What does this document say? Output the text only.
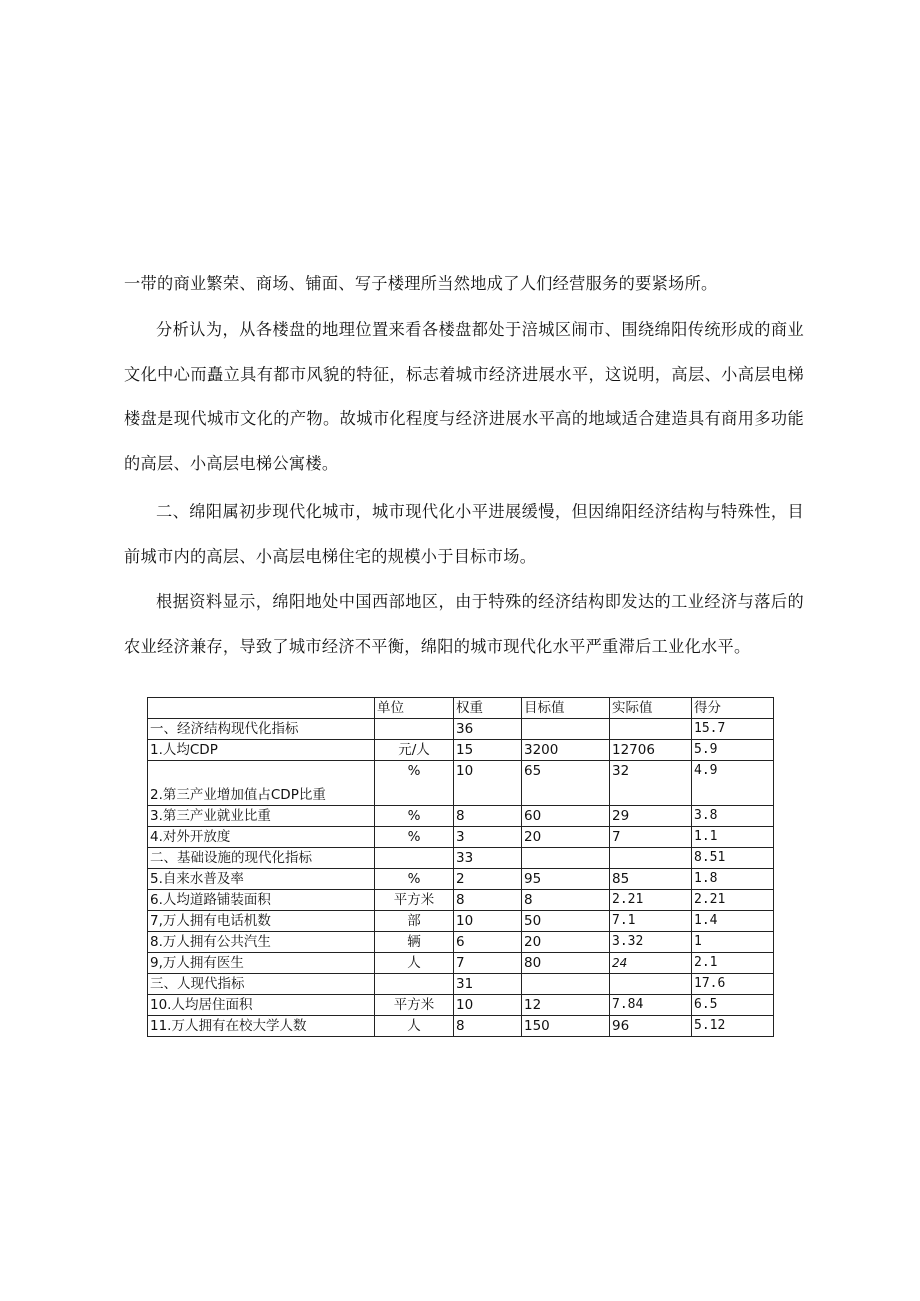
一带的商业繁荣、商场、铺面、写子楼理所当然地成了人们经营服务的要紧场所。

分析认为，从各楼盘的地理位置来看各楼盘都处于涪城区闹市、围绕绵阳传统形成的商业文化中心而矗立具有都市风貌的特征，标志着城市经济进展水平，这说明，高层、小高层电梯楼盘是现代城市文化的产物。故城市化程度与经济进展水平高的地域适合建造具有商用多功能的高层、小高层电梯公寓楼。

二、绵阳属初步现代化城市，城市现代化小平进展缓慢，但因绵阳经济结构与特殊性，目前城市内的高层、小高层电梯住宅的规模小于目标市场。

根据资料显示，绵阳地处中国西部地区，由于特殊的经济结构即发达的工业经济与落后的农业经济兼存，导致了城市经济不平衡，绵阳的城市现代化水平严重滞后工业化水平。

	单位	权重	目标值	实际值	得分
一、经济结构现代化指标		36			15.7
1.人均CDP	元/人	15	3200	12706	5.9
2.第三产业增加值占CDP比重	%	10	65	32	4.9
3.第三产业就业比重	%	8	60	29	3.8
4.对外开放度	%	3	20	7	1.1
二、基础设施的现代化指标		33			8.51
5.自来水普及率	%	2	95	85	1.8
6.人均道路铺装面积	平方米	8	8	2.21	2.21
7,万人拥有电话机数	部	10	50	7.1	1.4
8.万人拥有公共汽生	辆	6	20	3.32	1
9,万人拥有医生	人	7	80	24	2.1
三、人现代指标		31			17.6
10.人均居住面积	平方米	10	12	7.84	6.5
11.万人拥有在校大学人数	人	8	150	96	5.12
